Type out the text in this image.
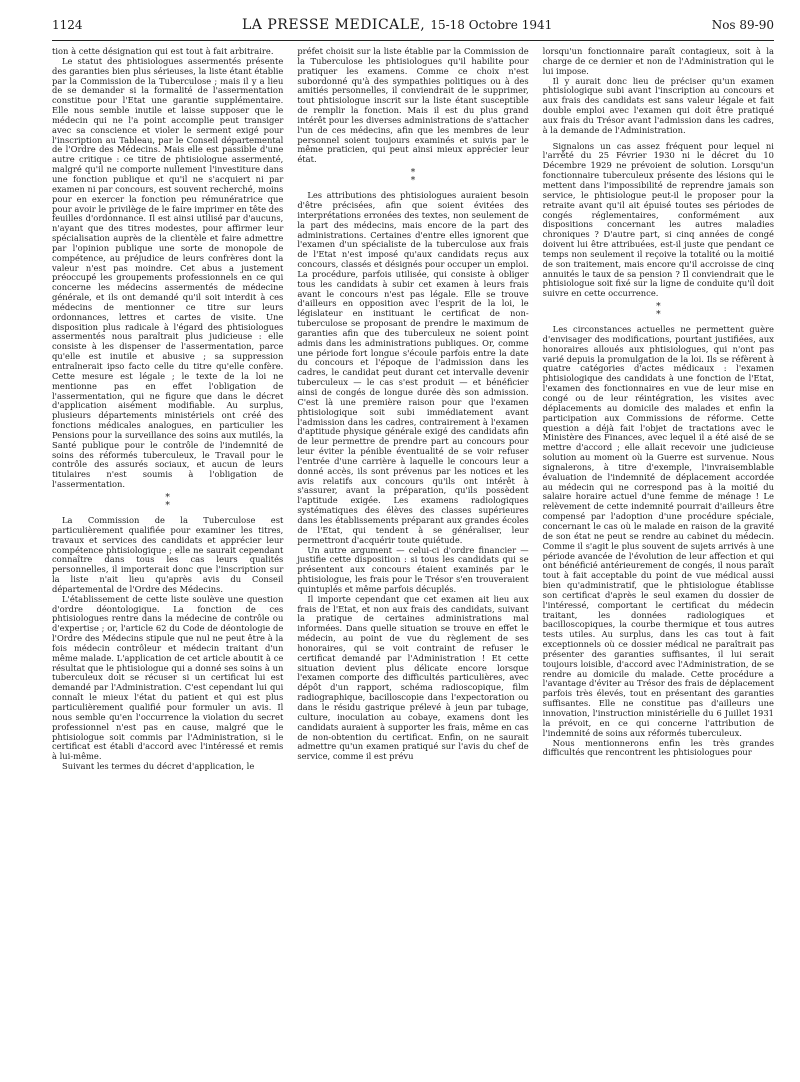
1124	LA PRESSE MEDICALE, 15-18 Octobre 1941	Nos 89-90

tion à cette désignation qui est tout à fait arbitraire.

Le statut des phtisiologues assermentés présente des garanties bien plus sérieuses, la liste étant établie par la Commission de la Tuberculose ; mais il y a lieu de se demander si la formalité de l'assermentation constitue pour l'Etat une garantie supplémentaire. Elle nous semble inutile et laisse supposer que le médecin qui ne l'a point accomplie peut transiger avec sa conscience et violer le serment exigé pour l'inscription au Tableau, par le Conseil départemental de l'Ordre des Médecins. Mais elle est passible d'une autre critique : ce titre de phtisiologue assermenté, malgré qu'il ne comporte nullement l'investiture dans une fonction publique et qu'il ne s'acquiert ni par examen ni par concours, est souvent recherché, moins pour en exercer la fonction peu rémunératrice que pour avoir le privilège de le faire imprimer en tête des feuilles d'ordonnance. Il est ainsi utilisé par d'aucuns, n'ayant que des titres modestes, pour affirmer leur spécialisation auprès de la clientèle et faire admettre par l'opinion publique une sorte de monopole de compétence, au préjudice de leurs confrères dont la valeur n'est pas moindre. Cet abus a justement préoccupé les groupements professionnels en ce qui concerne les médecins assermentés de médecine générale, et ils ont demandé qu'il soit interdit à ces médecins de mentionner ce titre sur leurs ordonnances, lettres et cartes de visite. Une disposition plus radicale à l'égard des phtisiologues assermentés nous paraîtrait plus judicieuse : elle consiste à les dispenser de l'assermentation, parce qu'elle est inutile et abusive ; sa suppression entraînerait ipso facto celle du titre qu'elle confère. Cette mesure est légale ; le texte de la loi ne mentionne pas en effet l'obligation de l'assermentation, qui ne figure que dans le décret d'application aisément modifiable. Au surplus, plusieurs départements ministériels ont créé des fonctions médicales analogues, en particulier les Pensions pour la surveillance des soins aux mutilés, la Santé publique pour le contrôle de l'indemnité de soins des réformés tuberculeux, le Travail pour le contrôle des assurés sociaux, et aucun de leurs titulaires n'est soumis à l'obligation de l'assermentation.

*
*

La Commission de la Tuberculose est particulièrement qualifiée pour examiner les titres, travaux et services des candidats et apprécier leur compétence phtisiologique ; elle ne saurait cependant connaître dans tous les cas leurs qualités personnelles, il importerait donc que l'inscription sur la liste n'ait lieu qu'après avis du Conseil départemental de l'Ordre des Médecins.

L'établissement de cette liste soulève une question d'ordre déontologique. La fonction de ces phtisiologues rentre dans la médecine de contrôle ou d'expertise ; or, l'article 62 du Code de déontologie de l'Ordre des Médecins stipule que nul ne peut être à la fois médecin contrôleur et médecin traitant d'un même malade. L'application de cet article aboutit à ce résultat que le phtisiologue qui a donné ses soins à un tuberculeux doit se récuser si un certificat lui est demandé par l'Administration. C'est cependant lui qui connaît le mieux l'état du patient et qui est plus particulièrement qualifié pour formuler un avis. Il nous semble qu'en l'occurrence la violation du secret professionnel n'est pas en cause, malgré que le phtisiologue soit commis par l'Administration, si le certificat est établi d'accord avec l'intéressé et remis à lui-même.

Suivant les termes du décret d'application, le

préfet choisit sur la liste établie par la Commission de la Tuberculose les phtisiologues qu'il habilite pour pratiquer les examens. Comme ce choix n'est subordonné qu'à des sympathies politiques ou à des amitiés personnelles, il conviendrait de le supprimer, tout phtisiologue inscrit sur la liste étant susceptible de remplir la fonction. Mais il est du plus grand intérêt pour les diverses administrations de s'attacher l'un de ces médecins, afin que les membres de leur personnel soient toujours examinés et suivis par le même praticien, qui peut ainsi mieux apprécier leur état.

*
*

Les attributions des phtisiologues auraient besoin d'être précisées, afin que soient évitées des interprétations erronées des textes, non seulement de la part des médecins, mais encore de la part des administrations. Certaines d'entre elles ignorent que l'examen d'un spécialiste de la tuberculose aux frais de l'Etat n'est imposé qu'aux candidats reçus aux concours, classés et désignés pour occuper un emploi. La procédure, parfois utilisée, qui consiste à obliger tous les candidats à subir cet examen à leurs frais avant le concours n'est pas légale. Elle se trouve d'ailleurs en opposition avec l'esprit de la loi, le législateur en instituant le certificat de non-tuberculose se proposant de prendre le maximum de garanties afin que des tuberculeux ne soient point admis dans les administrations publiques. Or, comme une période fort longue s'écoule parfois entre la date du concours et l'époque de l'admission dans les cadres, le candidat peut durant cet intervalle devenir tuberculeux — le cas s'est produit — et bénéficier ainsi de congés de longue durée dès son admission. C'est là une première raison pour que l'examen phtisiologique soit subi immédiatement avant l'admission dans les cadres, contrairement à l'examen d'aptitude physique générale exigé des candidats afin de leur permettre de prendre part au concours pour leur éviter la pénible éventualité de se voir refuser l'entrée d'une carrière à laquelle le concours leur a donné accès, ils sont prévenus par les notices et les avis relatifs aux concours qu'ils ont intérêt à s'assurer, avant la préparation, qu'ils possèdent l'aptitude exigée. Les examens radiologiques systématiques des élèves des classes supérieures dans les établissements préparant aux grandes écoles de l'Etat, qui tendent à se généraliser, leur permettront d'acquérir toute quiétude.

Un autre argument — celui-ci d'ordre financier — justifie cette disposition : si tous les candidats qui se présentent aux concours étaient examinés par le phtisiologue, les frais pour le Trésor s'en trouveraient quintuplés et même parfois décuplés.

Il importe cependant que cet examen ait lieu aux frais de l'Etat, et non aux frais des candidats, suivant la pratique de certaines administrations mal informées. Dans quelle situation se trouve en effet le médecin, au point de vue du règlement de ses honoraires, qui se voit contraint de refuser le certificat demandé par l'Administration ! Et cette situation devient plus délicate encore lorsque l'examen comporte des difficultés particulières, avec dépôt d'un rapport, schéma radioscopique, film radiographique, bacilloscopie dans l'expectoration ou dans le résidu gastrique prélevé à jeun par tubage, culture, inoculation au cobaye, examens dont les candidats auraient à supporter les frais, même en cas de non-obtention du certificat. Enfin, on ne saurait admettre qu'un examen pratiqué sur l'avis du chef de service, comme il est prévu

lorsqu'un fonctionnaire paraît contagieux, soit à la charge de ce dernier et non de l'Administration qui le lui impose.

Il y aurait donc lieu de préciser qu'un examen phtisiologique subi avant l'inscription au concours et aux frais des candidats est sans valeur légale et fait double emploi avec l'examen qui doit être pratiqué aux frais du Trésor avant l'admission dans les cadres, à la demande de l'Administration.

Signalons un cas assez fréquent pour lequel ni l'arrêté du 25 Février 1930 ni le décret du 10 Décembre 1929 ne prévoient de solution. Lorsqu'un fonctionnaire tuberculeux présente des lésions qui le mettent dans l'impossibilité de reprendre jamais son service, le phtisiologue peut-il le proposer pour la retraite avant qu'il ait épuisé toutes ses périodes de congés réglementaires, conformément aux dispositions concernant les autres maladies chroniques ? D'autre part, si cinq années de congé doivent lui être attribuées, est-il juste que pendant ce temps non seulement il reçoive la totalité ou la moitié de son traitement, mais encore qu'il accroisse de cinq annuités le taux de sa pension ? Il conviendrait que le phtisiologue soit fixé sur la ligne de conduite qu'il doit suivre en cette occurrence.

*
*

Les circonstances actuelles ne permettent guère d'envisager des modifications, pourtant justifiées, aux honoraires alloués aux phtisiologues, qui n'ont pas varié depuis la promulgation de la loi. Ils se réfèrent à quatre catégories d'actes médicaux : l'examen phtisiologique des candidats à une fonction de l'Etat, l'examen des fonctionnaires en vue de leur mise en congé ou de leur réintégration, les visites avec déplacements au domicile des malades et enfin la participation aux Commissions de réforme. Cette question a déjà fait l'objet de tractations avec le Ministère des Finances, avec lequel il a été aisé de se mettre d'accord ; elle allait recevoir une judicieuse solution au moment où la Guerre est survenue. Nous signalerons, à titre d'exemple, l'invraisemblable évaluation de l'indemnité de déplacement accordée au médecin qui ne correspond pas à la moitié du salaire horaire actuel d'une femme de ménage ! Le relèvement de cette indemnité pourrait d'ailleurs être compensé par l'adoption d'une procédure spéciale, concernant le cas où le malade en raison de la gravité de son état ne peut se rendre au cabinet du médecin. Comme il s'agit le plus souvent de sujets arrivés à une période avancée de l'évolution de leur affection et qui ont bénéficié antérieurement de congés, il nous paraît tout à fait acceptable du point de vue médical aussi bien qu'administratif, que le phtisiologue établisse son certificat d'après le seul examen du dossier de l'intéressé, comportant le certificat du médecin traitant, les données radiologiques et bacilloscopiques, la courbe thermique et tous autres tests utiles. Au surplus, dans les cas tout à fait exceptionnels où ce dossier médical ne paraîtrait pas présenter des garanties suffisantes, il lui serait toujours loisible, d'accord avec l'Administration, de se rendre au domicile du malade. Cette procédure a l'avantage d'éviter au Trésor des frais de déplacement parfois très élevés, tout en présentant des garanties suffisantes. Elle ne constitue pas d'ailleurs une innovation, l'instruction ministérielle du 6 Juillet 1931 la prévoit, en ce qui concerne l'attribution de l'indemnité de soins aux réformés tuberculeux.

Nous mentionnerons enfin les très grandes difficultés que rencontrent les phtisiologues pour
